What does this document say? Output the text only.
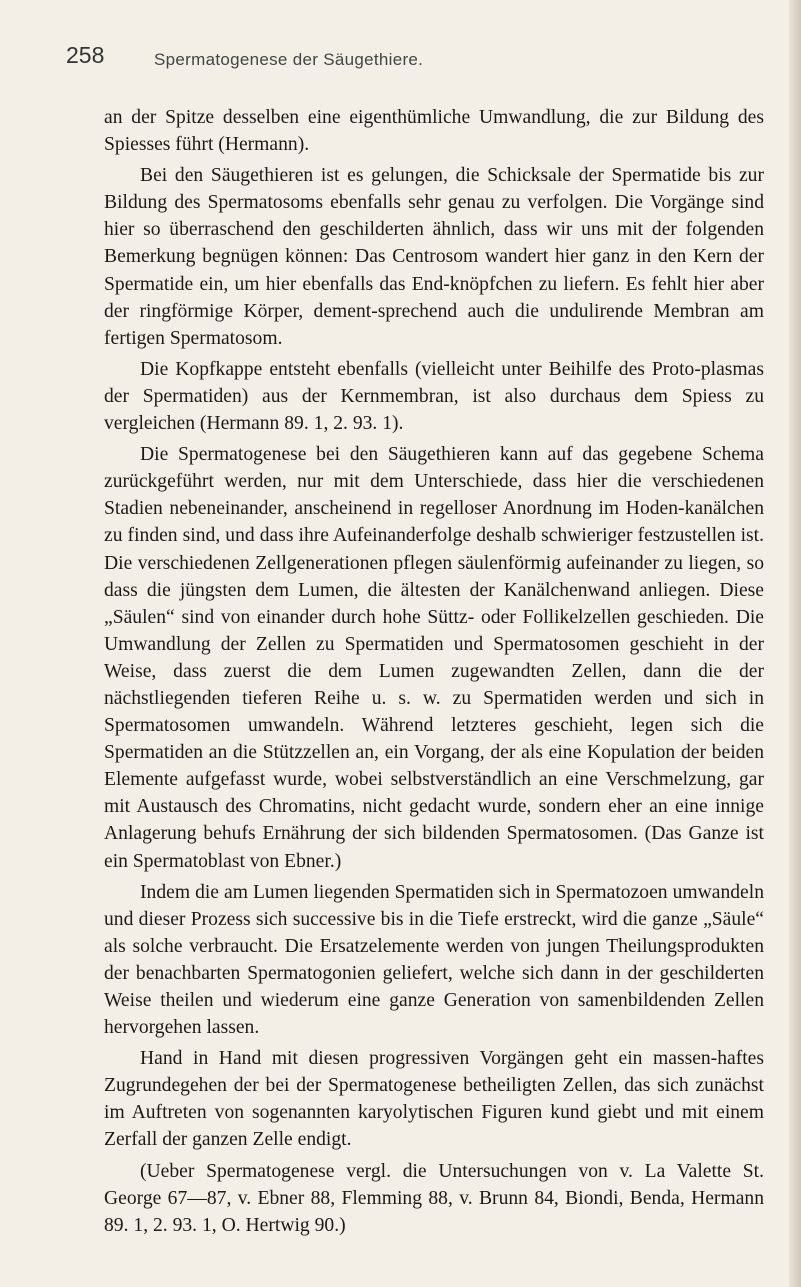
258	Spermatogenese der Säugethiere.

an der Spitze desselben eine eigenthümliche Umwandlung, die zur Bildung des Spiesses führt (Hermann).

Bei den Säugethieren ist es gelungen, die Schicksale der Spermatide bis zur Bildung des Spermatosoms ebenfalls sehr genau zu verfolgen. Die Vorgänge sind hier so überraschend den geschilderten ähnlich, dass wir uns mit der folgenden Bemerkung begnügen können: Das Centrosom wandert hier ganz in den Kern der Spermatide ein, um hier ebenfalls das End-knöpfchen zu liefern. Es fehlt hier aber der ringförmige Körper, dement-sprechend auch die undulirende Membran am fertigen Spermatosom.

Die Kopfkappe entsteht ebenfalls (vielleicht unter Beihilfe des Proto-plasmas der Spermatiden) aus der Kernmembran, ist also durchaus dem Spiess zu vergleichen (Hermann 89. 1, 2. 93. 1).

Die Spermatogenese bei den Säugethieren kann auf das gegebene Schema zurückgeführt werden, nur mit dem Unterschiede, dass hier die verschiedenen Stadien nebeneinander, anscheinend in regelloser Anordnung im Hoden-kanälchen zu finden sind, und dass ihre Aufeinanderfolge deshalb schwieriger festzustellen ist. Die verschiedenen Zellgenerationen pflegen säulenförmig aufeinander zu liegen, so dass die jüngsten dem Lumen, die ältesten der Kanälchenwand anliegen. Diese „Säulen“ sind von einander durch hohe Süttz- oder Follikelzellen geschieden. Die Umwandlung der Zellen zu Spermatiden und Spermatosomen geschieht in der Weise, dass zuerst die dem Lumen zugewandten Zellen, dann die der nächstliegenden tieferen Reihe u. s. w. zu Spermatiden werden und sich in Spermatosomen umwandeln. Während letzteres geschieht, legen sich die Spermatiden an die Stützzellen an, ein Vorgang, der als eine Kopulation der beiden Elemente aufgefasst wurde, wobei selbstverständlich an eine Verschmelzung, gar mit Austausch des Chromatins, nicht gedacht wurde, sondern eher an eine innige Anlagerung behufs Ernährung der sich bildenden Spermatosomen. (Das Ganze ist ein Spermatoblast von Ebner.)

Indem die am Lumen liegenden Spermatiden sich in Spermatozoen umwandeln und dieser Prozess sich successive bis in die Tiefe erstreckt, wird die ganze „Säule“ als solche verbraucht. Die Ersatzelemente werden von jungen Theilungsprodukten der benachbarten Spermatogonien geliefert, welche sich dann in der geschilderten Weise theilen und wiederum eine ganze Generation von samenbildenden Zellen hervorgehen lassen.

Hand in Hand mit diesen progressiven Vorgängen geht ein massen-haftes Zugrundegehen der bei der Spermatogenese betheiligten Zellen, das sich zunächst im Auftreten von sogenannten karyolytischen Figuren kund giebt und mit einem Zerfall der ganzen Zelle endigt.

(Ueber Spermatogenese vergl. die Untersuchungen von v. La Valette St. George 67—87, v. Ebner 88, Flemming 88, v. Brunn 84, Biondi, Benda, Hermann 89. 1, 2. 93. 1, O. Hertwig 90.)
